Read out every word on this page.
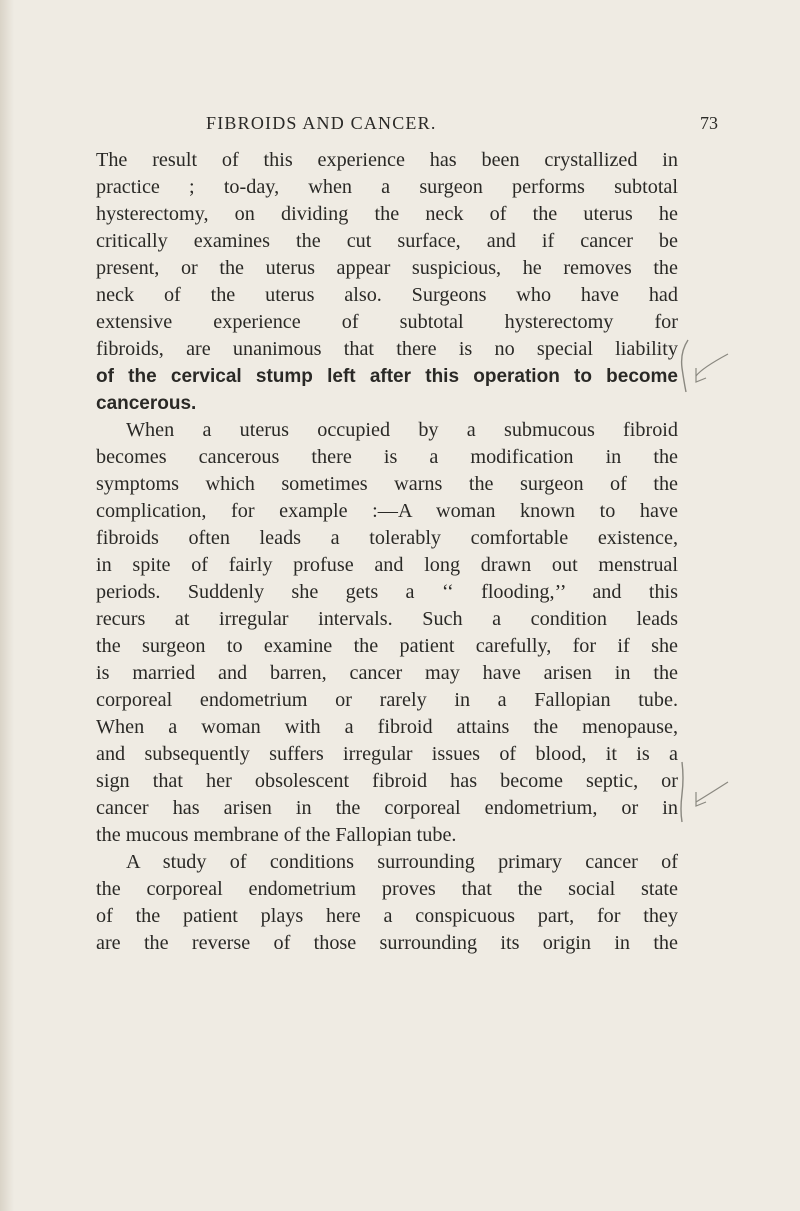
FIBROIDS AND CANCER.	73
The result of this experience has been crystallized in
practice ; to-day, when a surgeon performs subtotal
hysterectomy, on dividing the neck of the uterus he
critically examines the cut surface, and if cancer be
present, or the uterus appear suspicious, he removes the
neck of the uterus also. Surgeons who have had
extensive experience of subtotal hysterectomy for
fibroids, are unanimous that there is no special liability
of the cervical stump left after this operation to become
cancerous.
When a uterus occupied by a submucous fibroid
becomes cancerous there is a modification in the
symptoms which sometimes warns the surgeon of the
complication, for example :—A woman known to have
fibroids often leads a tolerably comfortable existence,
in spite of fairly profuse and long drawn out menstrual
periods. Suddenly she gets a ‘‘ flooding,’’ and this
recurs at irregular intervals. Such a condition leads
the surgeon to examine the patient carefully, for if she
is married and barren, cancer may have arisen in the
corporeal endometrium or rarely in a Fallopian tube.
When a woman with a fibroid attains the menopause,
and subsequently suffers irregular issues of blood, it is a
sign that her obsolescent fibroid has become septic, or
cancer has arisen in the corporeal endometrium, or in
the mucous membrane of the Fallopian tube.
A study of conditions surrounding primary cancer of
the corporeal endometrium proves that the social state
of the patient plays here a conspicuous part, for they
are the reverse of those surrounding its origin in the
